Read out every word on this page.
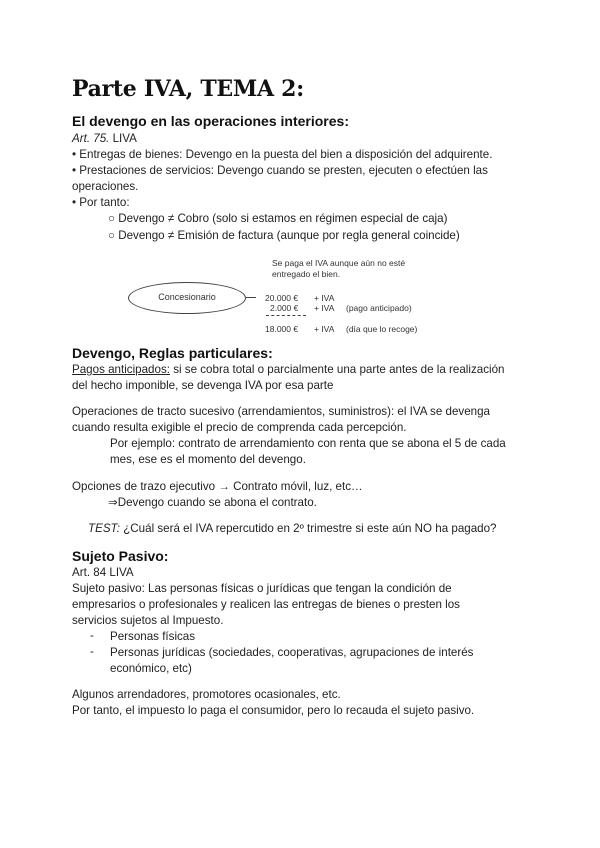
Parte IVA, TEMA 2:
El devengo en las operaciones interiores:
Art. 75. LIVA
• Entregas de bienes: Devengo en la puesta del bien a disposición del adquirente.
• Prestaciones de servicios: Devengo cuando se presten, ejecuten o efectúen las
operaciones.
• Por tanto:
○ Devengo ≠ Cobro (solo si estamos en régimen especial de caja)
○ Devengo ≠ Emisión de factura (aunque por regla general coincide)
Se paga el IVA aunque aún no esté
entregado el bien.
Concesionario	20.000 € + IVA
2.000 € + IVA (pago anticipado)
18.000 € + IVA (día que lo recoge)
Devengo, Reglas particulares:
Pagos anticipados: si se cobra total o parcialmente una parte antes de la realización
del hecho imponible, se devenga IVA por esa parte
Operaciones de tracto sucesivo (arrendamientos, suministros): el IVA se devenga
cuando resulta exigible el precio de comprenda cada percepción.
Por ejemplo: contrato de arrendamiento con renta que se abona el 5 de cada
mes, ese es el momento del devengo.
Opciones de trazo ejecutivo → Contrato móvil, luz, etc…
⇒Devengo cuando se abona el contrato.
TEST: ¿Cuál será el IVA repercutido en 2º trimestre si este aún NO ha pagado?
Sujeto Pasivo:
Art. 84 LIVA
Sujeto pasivo: Las personas físicas o jurídicas que tengan la condición de
empresarios o profesionales y realicen las entregas de bienes o presten los
servicios sujetos al Impuesto.
- Personas físicas
- Personas jurídicas (sociedades, cooperativas, agrupaciones de interés
económico, etc)
Algunos arrendadores, promotores ocasionales, etc.
Por tanto, el impuesto lo paga el consumidor, pero lo recauda el sujeto pasivo.
